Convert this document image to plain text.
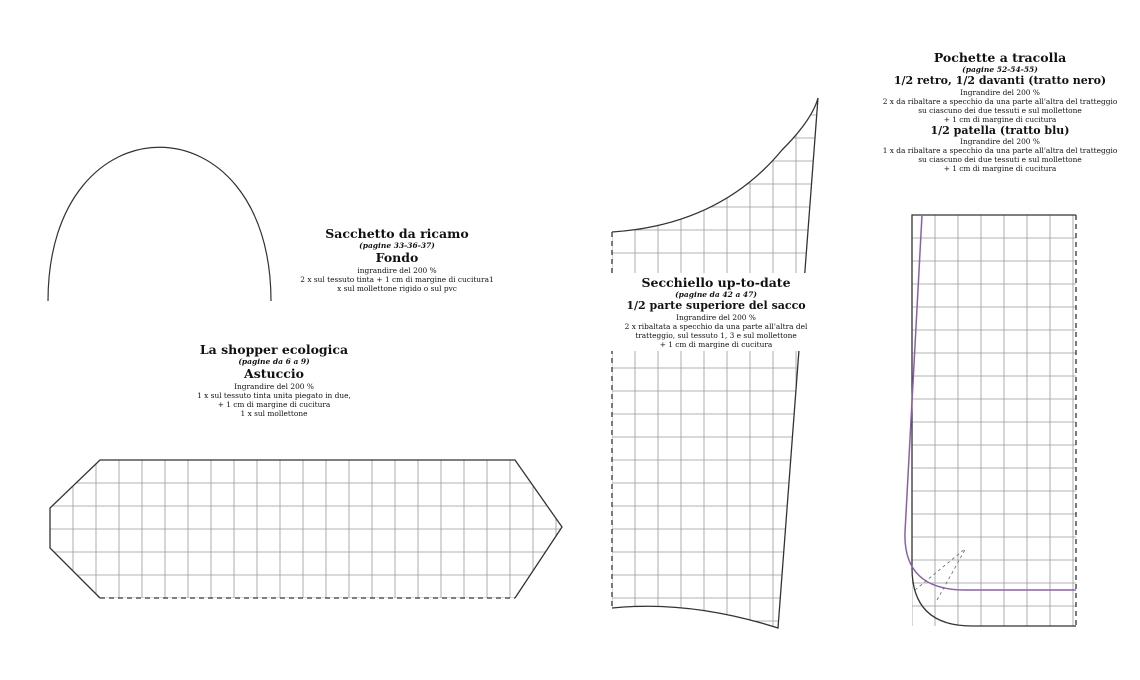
Sacchetto da ricamo
(pagine 33-36-37)
Fondo
ingrandire del 200 %
2 x sul tessuto tinta + 1 cm di margine di cucitura1
x sul mollettone rigido o sul pvc
La shopper ecologica
(pagine da 6 a 9)
Astuccio
Ingrandire del 200 %
1 x sul tessuto tinta unita piegato in due,
+ 1 cm di margine di cucitura
1 x sul mollettone
Secchiello up-to-date
(pagine da 42 a 47)
1/2 parte superiore del sacco
Ingrandire del 200 %
2 x ribaltata a specchio da una parte all'altra del
tratteggio, sul tessuto 1, 3 e sul mollettone
+ 1 cm di margine di cucitura
Pochette a tracolla
(pagine 52-54-55)
1/2 retro, 1/2 davanti (tratto nero)
Ingrandire del 200 %
2 x da ribaltare a specchio da una parte all'altra del tratteggio
su ciascuno dei due tessuti e sul mollettone
+ 1 cm di margine di cucitura
1/2 patella (tratto blu)
Ingrandire del 200 %
1 x da ribaltare a specchio da una parte all'altra del tratteggio
su ciascuno dei due tessuti e sul mollettone
+ 1 cm di margine di cucitura
